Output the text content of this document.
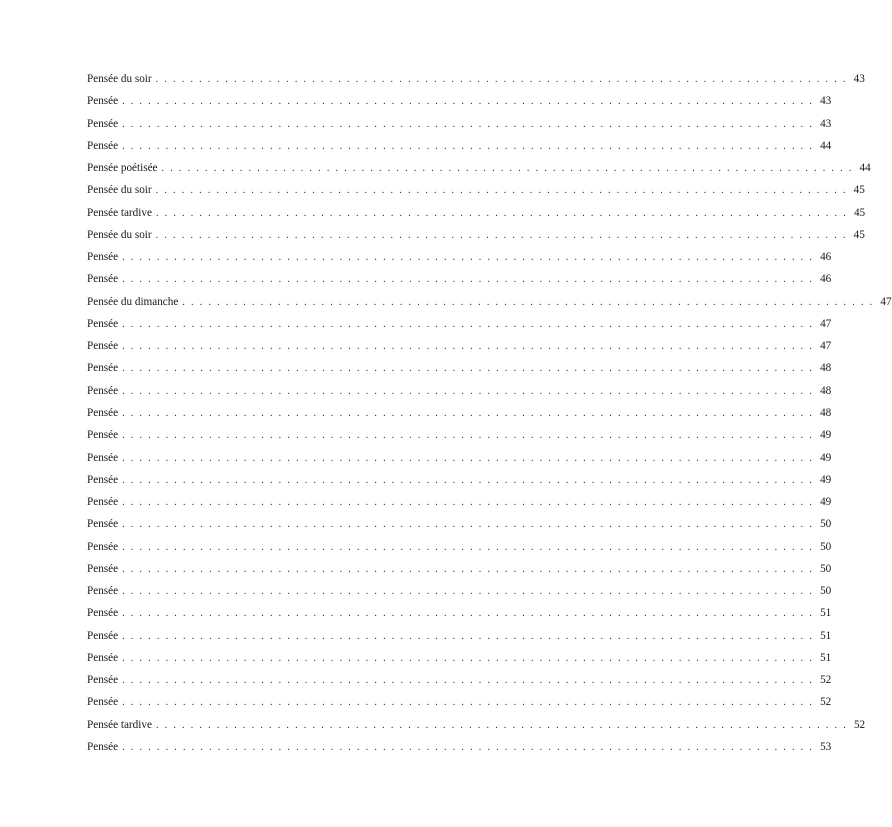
Pensée du soir ................................................................................ 43
Pensée ................................................................................ 43
Pensée ................................................................................ 43
Pensée ................................................................................ 44
Pensée poétisée ................................................................................ 44
Pensée du soir ................................................................................ 45
Pensée tardive ................................................................................ 45
Pensée du soir ................................................................................ 45
Pensée ................................................................................ 46
Pensée ................................................................................ 46
Pensée du dimanche ................................................................................ 47
Pensée ................................................................................ 47
Pensée ................................................................................ 47
Pensée ................................................................................ 48
Pensée ................................................................................ 48
Pensée ................................................................................ 48
Pensée ................................................................................ 49
Pensée ................................................................................ 49
Pensée ................................................................................ 49
Pensée ................................................................................ 49
Pensée ................................................................................ 50
Pensée ................................................................................ 50
Pensée ................................................................................ 50
Pensée ................................................................................ 50
Pensée ................................................................................ 51
Pensée ................................................................................ 51
Pensée ................................................................................ 51
Pensée ................................................................................ 52
Pensée ................................................................................ 52
Pensée tardive ................................................................................ 52
Pensée ................................................................................ 53
